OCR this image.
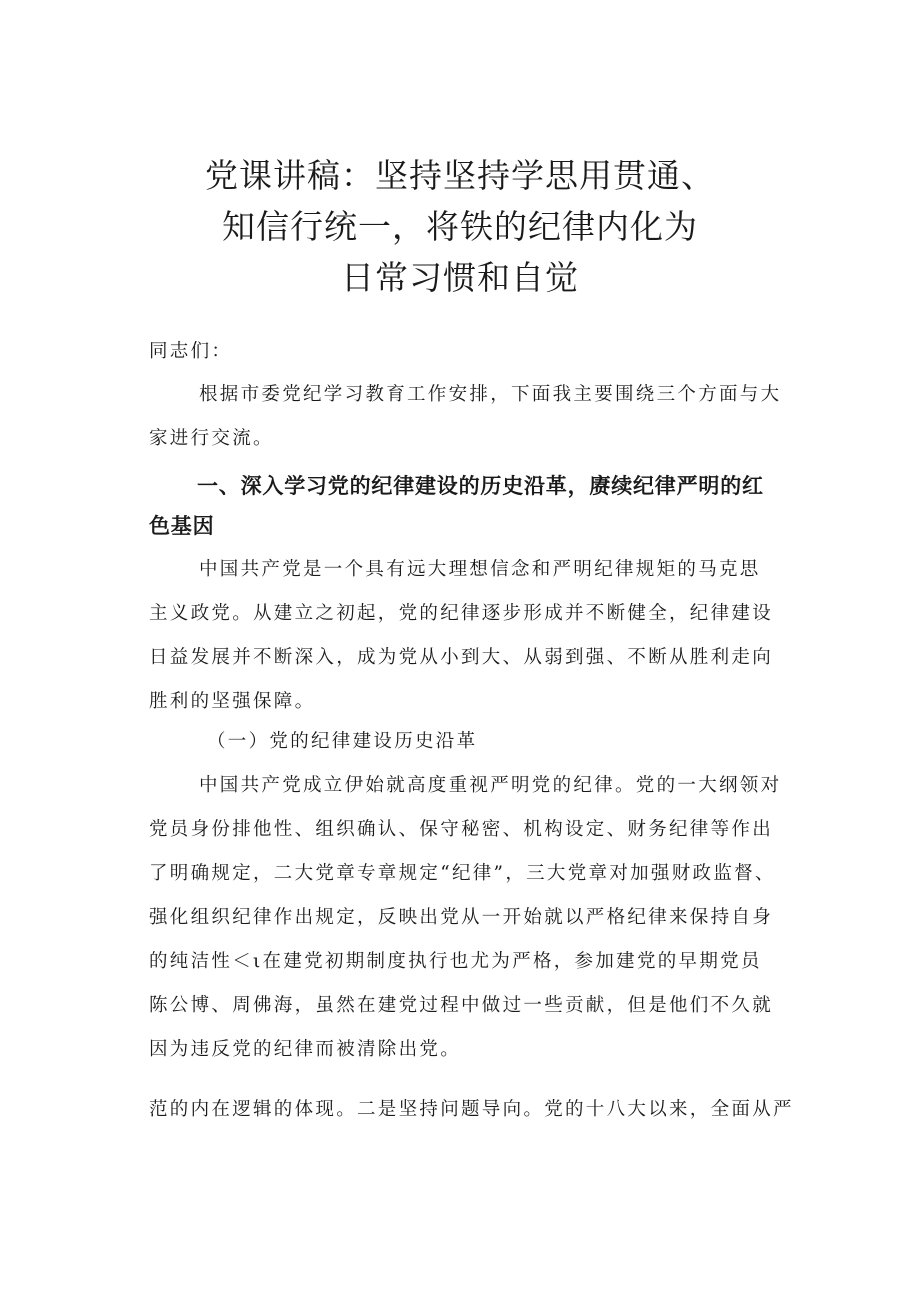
党课讲稿：坚持坚持学思用贯通、
知信行统一，将铁的纪律内化为
日常习惯和自觉

同志们：

根据市委党纪学习教育工作安排，下面我主要围绕三个方面与大
家进行交流。

一、深入学习党的纪律建设的历史沿革，赓续纪律严明的红
色基因

中国共产党是一个具有远大理想信念和严明纪律规矩的马克思
主义政党。从建立之初起，党的纪律逐步形成并不断健全，纪律建设
日益发展并不断深入，成为党从小到大、从弱到强、不断从胜利走向
胜利的坚强保障。

（一）党的纪律建设历史沿革

中国共产党成立伊始就高度重视严明党的纪律。党的一大纲领对
党员身份排他性、组织确认、保守秘密、机构设定、财务纪律等作出
了明确规定，二大党章专章规定“纪律”，三大党章对加强财政监督、
强化组织纪律作出规定，反映出党从一开始就以严格纪律来保持自身
的纯洁性＜ι在建党初期制度执行也尤为严格，参加建党的早期党员
陈公博、周佛海，虽然在建党过程中做过一些贡献，但是他们不久就
因为违反党的纪律而被清除出党。

范的内在逻辑的体现。二是坚持问题导向。党的十八大以来，全面从严
